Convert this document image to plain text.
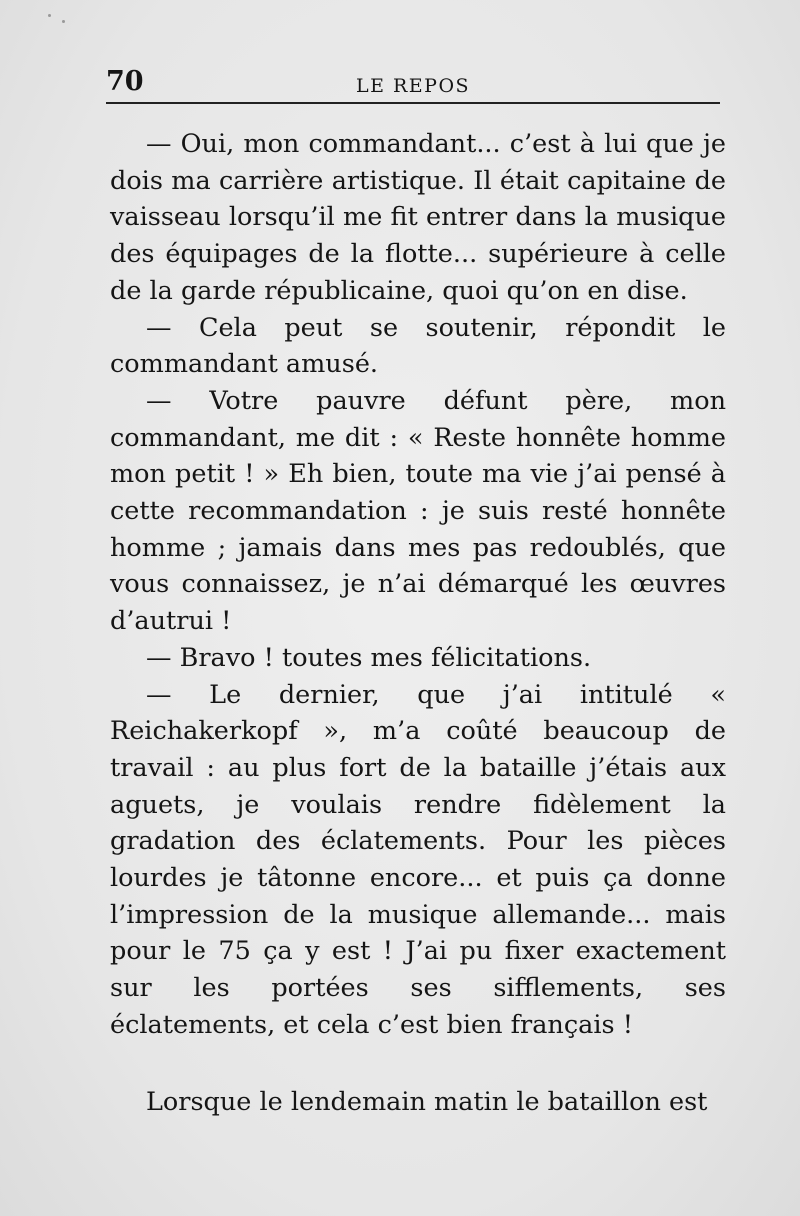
70	LE REPOS

— Oui, mon commandant... c’est à lui que je dois ma carrière artistique. Il était capitaine de vaisseau lorsqu’il me fit entrer dans la musique des équipages de la flotte... supérieure à celle de la garde républicaine, quoi qu’on en dise.

— Cela peut se soutenir, répondit le commandant amusé.

— Votre pauvre défunt père, mon commandant, me dit : « Reste honnête homme mon petit ! » Eh bien, toute ma vie j’ai pensé à cette recommandation : je suis resté honnête homme ; jamais dans mes pas redoublés, que vous connaissez, je n’ai démarqué les œuvres d’autrui !

— Bravo ! toutes mes félicitations.

— Le dernier, que j’ai intitulé « Reichakerkopf », m’a coûté beaucoup de travail : au plus fort de la bataille j’étais aux aguets, je voulais rendre fidèlement la gradation des éclatements. Pour les pièces lourdes je tâtonne encore... et puis ça donne l’impression de la musique allemande... mais pour le 75 ça y est ! J’ai pu fixer exactement sur les portées ses sifflements, ses éclatements, et cela c’est bien français !

Lorsque le lendemain matin le bataillon est
